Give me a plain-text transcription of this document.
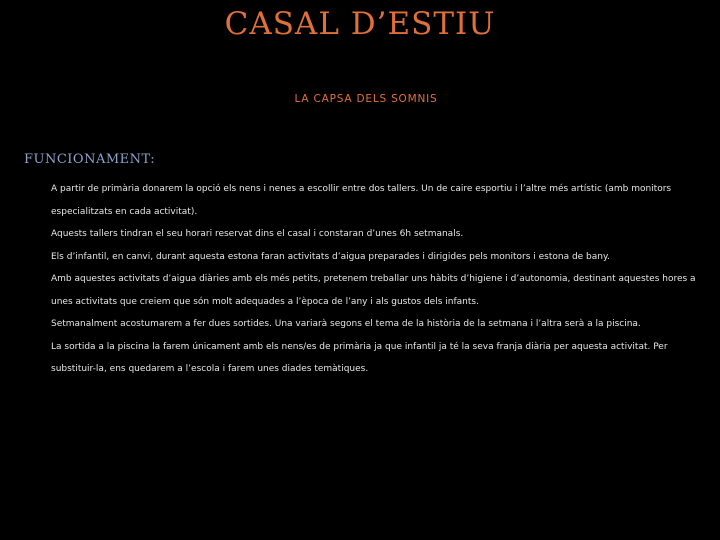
CASAL D’ESTIU
LA CAPSA DELS SOMNIS
FUNCIONAMENT:

A partir de primària donarem la opció els nens i nenes a escollir entre dos tallers. Un de caire esportiu i l’altre més artístic (amb monitors especialitzats en cada activitat).

Aquests tallers tindran el seu horari reservat dins el casal i constaran d’unes 6h setmanals.

Els d’infantil, en canvi, durant aquesta estona faran activitats d’aigua preparades i dirigides pels monitors i estona de bany.

Amb aquestes activitats d’aigua diàries amb els més petits, pretenem treballar uns hàbits d’higiene i d’autonomia, destinant aquestes hores a unes activitats que creiem que són molt adequades a l’època de l’any i als gustos dels infants.

Setmanalment acostumarem a fer dues sortides. Una variarà segons el tema de la història de la setmana i l’altra serà a la piscina.

La sortida a la piscina la farem únicament amb els nens/es de primària ja que infantil ja té la seva franja diària per aquesta activitat. Per substituir-la, ens quedarem a l’escola i farem unes diades temàtiques.
